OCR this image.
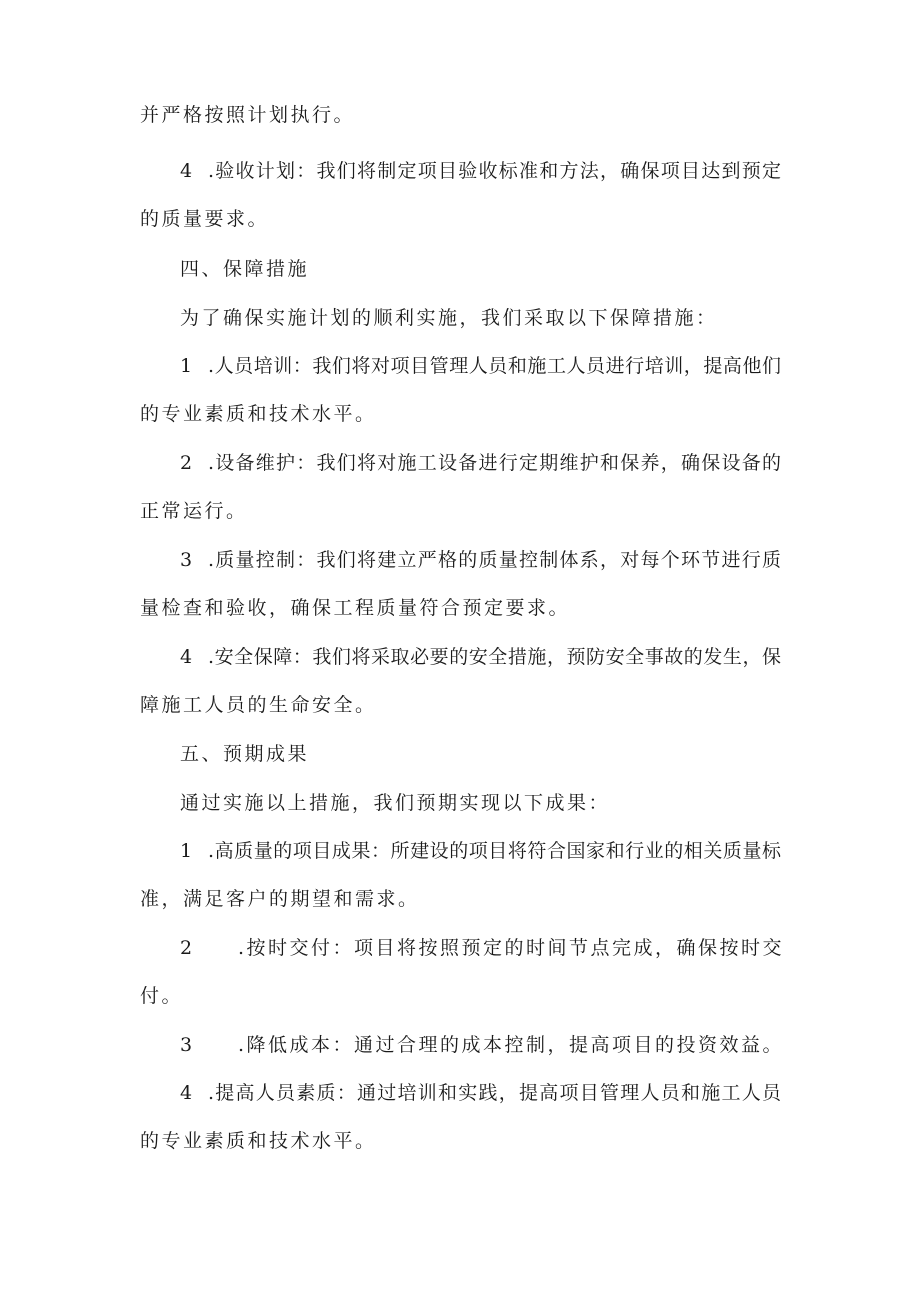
并严格按照计划执行。
4 .验收计划：我们将制定项目验收标准和方法，确保项目达到预定
的质量要求。
四、保障措施
为了确保实施计划的顺利实施，我们采取以下保障措施：
1 .人员培训：我们将对项目管理人员和施工人员进行培训，提高他们
的专业素质和技术水平。
2 .设备维护：我们将对施工设备进行定期维护和保养，确保设备的
正常运行。
3 .质量控制：我们将建立严格的质量控制体系，对每个环节进行质
量检查和验收，确保工程质量符合预定要求。
4 .安全保障：我们将采取必要的安全措施，预防安全事故的发生，保
障施工人员的生命安全。
五、预期成果
通过实施以上措施，我们预期实现以下成果：
1 .高质量的项目成果：所建设的项目将符合国家和行业的相关质量标
准，满足客户的期望和需求。
2 .按时交付：项目将按照预定的时间节点完成，确保按时交
付。
3 .降低成本：通过合理的成本控制，提高项目的投资效益。
4 .提高人员素质：通过培训和实践，提高项目管理人员和施工人员
的专业素质和技术水平。
